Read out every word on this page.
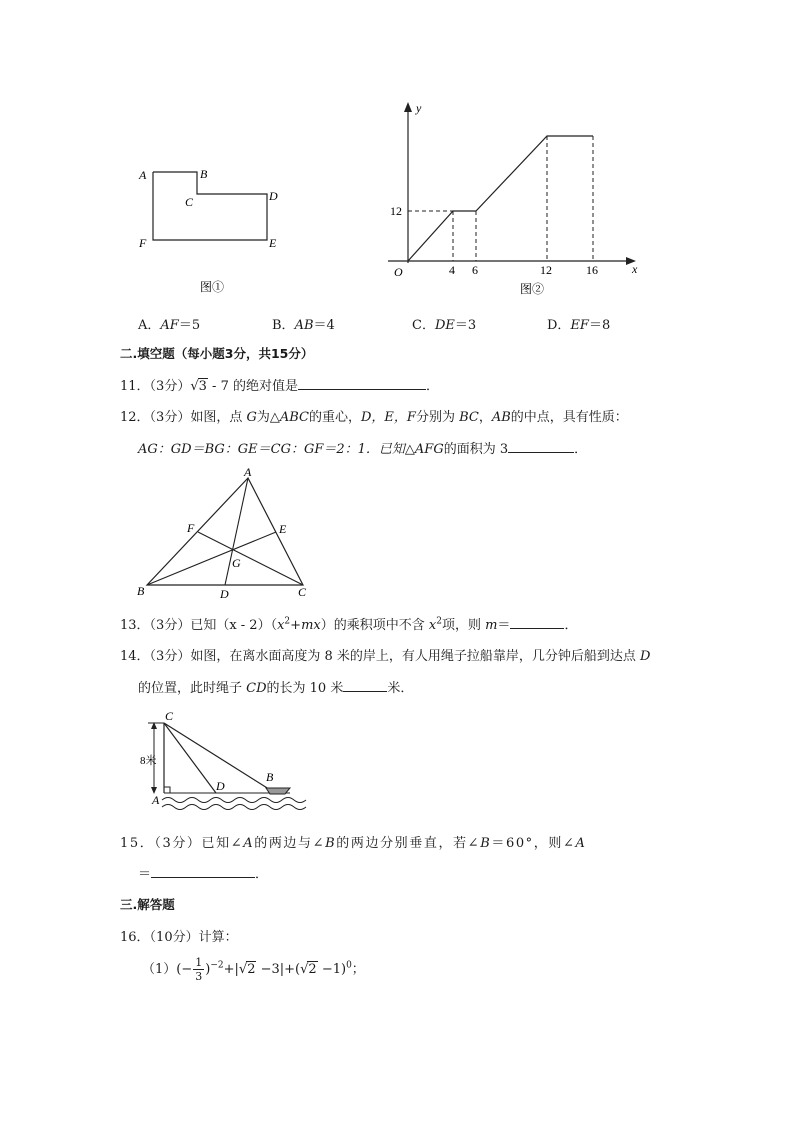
A	B
C	D
E
F
图①
y
x
O
12
4 6	12	16
图②
A．AF＝5	B．AB＝4	C．DE＝3	D．EF＝8
二.填空题（每小题3分，共15分）
11．（3分）√3 - 7 的绝对值是	．
12．（3分）如图，点 G为△ABC的重心，D，E，F分别为 BC，AB的中点，具有性质：
AG：GD＝BG：GE＝CG：GF＝2：1．已知△AFG的面积为 3	．
A
B	C
D
E
F
G
13．（3分）已知$(x - 2)(x^2+mx)$的乘积项中不含 $x^2$项，则 m＝	．
14．（3分）如图，在离水面高度为 8 米的岸上，有人用绳子拉船靠岸，几分钟后船到达点 D
的位置，此时绳子 CD的长为 10 米	米．
C
A
D
B
8米
15．（3分）已知∠A的两边与∠B的两边分别垂直，若∠B＝60°，则∠A
＝	．
三.解答题
16．（10分）计算：
$(1)(- \frac{1}{3} )^{-2}+|√2 -3|+(√2 -1)^0$；
